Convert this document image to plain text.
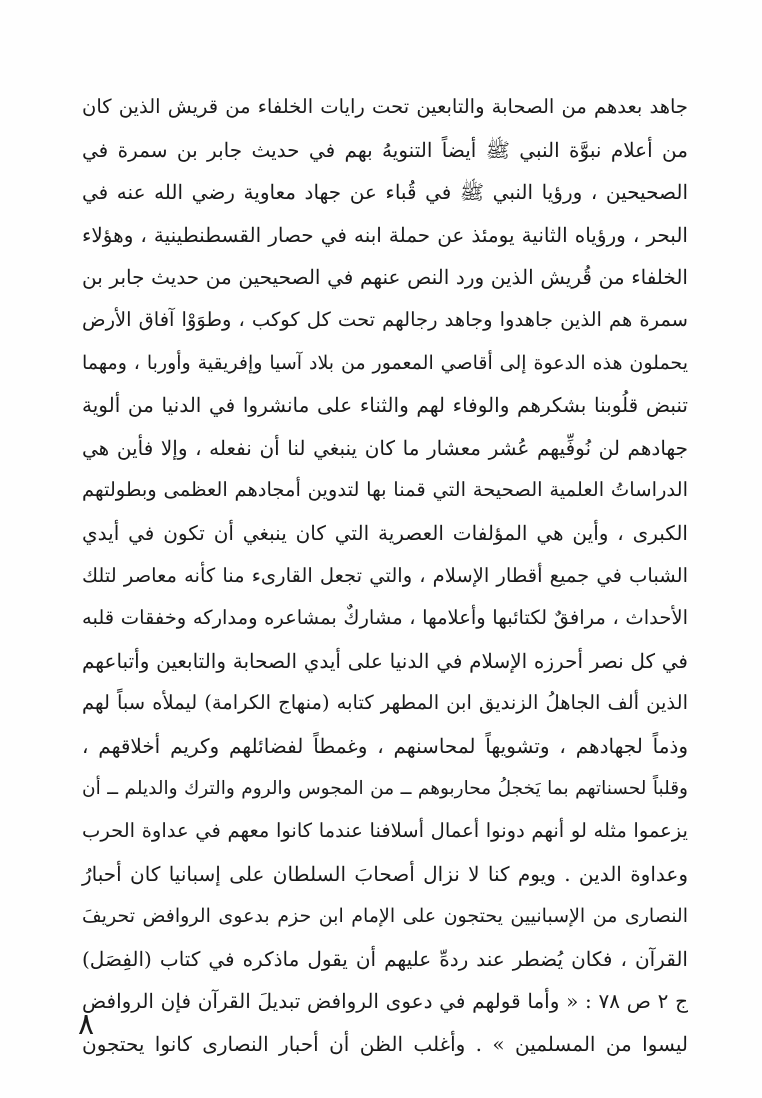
جاهد بعدهم من الصحابة والتابعين تحت رايات الخلفاء من قريش الذين كان
من أعلام نبوَّة النبي ﷺ أيضاً التنويهُ بهم في حديث جابر بن سمرة في
الصحيحين ، ورؤيا النبي ﷺ في قُباء عن جهاد معاوية رضي الله عنه في
البحر ، ورؤياه الثانية يومئذ عن حملة ابنه في حصار القسطنطينية ، وهؤلاء
الخلفاء من قُريش الذين ورد النص عنهم في الصحيحين من حديث جابر بن
سمرة هم الذين جاهدوا وجاهد رجالهم تحت كل كوكب ، وطوَوْا آفاق الأرض
يحملون هذه الدعوة إلى أقاصي المعمور من بلاد آسيا وإفريقية وأوربا ، ومهما
تنبض قلُوبنا بشكرهم والوفاء لهم والثناء على مانشروا في الدنيا من ألوية
جهادهم لن نُوفِّيهم عُشر معشار ما كان ينبغي لنا أن نفعله ، وإلا فأين هي
الدراساتُ العلمية الصحيحة التي قمنا بها لتدوين أمجادهم العظمى وبطولتهم
الكبرى ، وأين هي المؤلفات العصرية التي كان ينبغي أن تكون في أيدي
الشباب في جميع أقطار الإسلام ، والتي تجعل القارىء منا كأنه معاصر لتلك
الأحداث ، مرافقٌ لكتائبها وأعلامها ، مشاركٌ بمشاعره ومداركه وخفقات قلبه
في كل نصر أحرزه الإسلام في الدنيا على أيدي الصحابة والتابعين وأتباعهم
الذين ألف الجاهلُ الزنديق ابن المطهر كتابه (منهاج الكرامة) ليملأه سباً لهم
وذماً لجهادهم ، وتشويهاً لمحاسنهم ، وغمطاً لفضائلهم وكريم أخلاقهم ،
وقلباً لحسناتهم بما يَخجلُ محاربوهم ــ من المجوس والروم والترك والديلم ــ أن
يزعموا مثله لو أنهم دونوا أعمال أسلافنا عندما كانوا معهم في عداوة الحرب
وعداوة الدين . ويوم كنا لا نزال أصحابَ السلطان على إسبانيا كان أحبارُ
النصارى من الإسبانيين يحتجون على الإمام ابن حزم بدعوى الروافض تحريفَ
القرآن ، فكان يُضطر عند ردهِّ عليهم أن يقول ماذكره في كتاب (الفِصَل)
ج ٢ ص ٧٨ : « وأما قولهم في دعوى الروافض تبديلَ القرآن فإن الروافض
ليسوا من المسلمين » . وأغلب الظن أن أحبار النصارى كانوا يحتجون
٨
